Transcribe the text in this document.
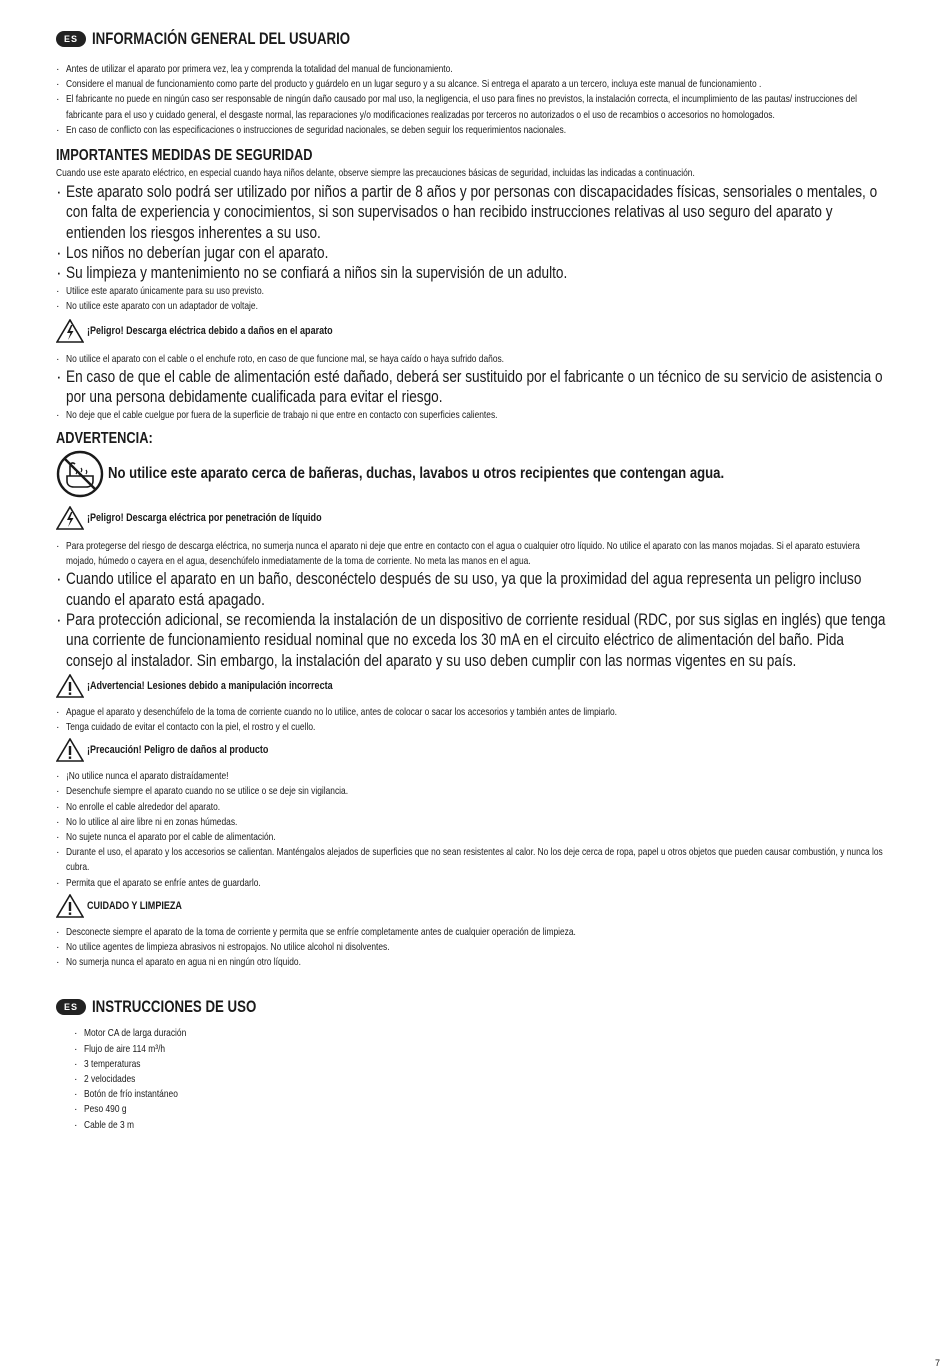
ES INFORMACIÓN GENERAL DEL USUARIO
· Antes de utilizar el aparato por primera vez, lea y comprenda la totalidad del manual de funcionamiento.
· Considere el manual de funcionamiento como parte del producto y guárdelo en un lugar seguro y a su alcance. Si entrega el aparato a un tercero, incluya este manual de funcionamiento .
· El fabricante no puede en ningún caso ser responsable de ningún daño causado por mal uso, la negligencia, el uso para fines no previstos, la instalación correcta, el incumplimiento de las pautas/ instrucciones del fabricante para el uso y cuidado general, el desgaste normal, las reparaciones y/o modificaciones realizadas por terceros no autorizados o el uso de recambios o accesorios no homologados.
· En caso de conflicto con las especificaciones o instrucciones de seguridad nacionales, se deben seguir los requerimientos nacionales.
IMPORTANTES MEDIDAS DE SEGURIDAD
Cuando use este aparato eléctrico, en especial cuando haya niños delante, observe siempre las precauciones básicas de seguridad, incluidas las indicadas a continuación.
· Este aparato solo podrá ser utilizado por niños a partir de 8 años y por personas con discapacidades físicas, sensoriales o mentales, o con falta de experiencia y conocimientos, si son supervisados o han recibido instrucciones relativas al uso seguro del aparato y entienden los riesgos inherentes a su uso.
· Los niños no deberían jugar con el aparato.
· Su limpieza y mantenimiento no se confiará a niños sin la supervisión de un adulto.
· Utilice este aparato únicamente para su uso previsto.
· No utilice este aparato con un adaptador de voltaje.
¡Peligro! Descarga eléctrica debido a daños en el aparato
· No utilice el aparato con el cable o el enchufe roto, en caso de que funcione mal, se haya caído o haya sufrido daños.
· En caso de que el cable de alimentación esté dañado, deberá ser sustituido por el fabricante o un técnico de su servicio de asistencia o por una persona debidamente cualificada para evitar el riesgo.
· No deje que el cable cuelgue por fuera de la superficie de trabajo ni que entre en contacto con superficies calientes.
ADVERTENCIA:
No utilice este aparato cerca de bañeras, duchas, lavabos u otros recipientes que contengan agua.
¡Peligro! Descarga eléctrica por penetración de líquido
· Para protegerse del riesgo de descarga eléctrica, no sumerja nunca el aparato ni deje que entre en contacto con el agua o cualquier otro líquido. No utilice el aparato con las manos mojadas. Si el aparato estuviera mojado, húmedo o cayera en el agua, desenchúfelo inmediatamente de la toma de corriente. No meta las manos en el agua.
· Cuando utilice el aparato en un baño, desconéctelo después de su uso, ya que la proximidad del agua representa un peligro incluso cuando el aparato está apagado.
· Para protección adicional, se recomienda la instalación de un dispositivo de corriente residual (RDC, por sus siglas en inglés) que tenga una corriente de funcionamiento residual nominal que no exceda los 30 mA en el circuito eléctrico de alimentación del baño. Pida consejo al instalador. Sin embargo, la instalación del aparato y su uso deben cumplir con las normas vigentes en su país.
¡Advertencia! Lesiones debido a manipulación incorrecta
· Apague el aparato y desenchúfelo de la toma de corriente cuando no lo utilice, antes de colocar o sacar los accesorios y también antes de limpiarlo.
· Tenga cuidado de evitar el contacto con la piel, el rostro y el cuello.
¡Precaución! Peligro de daños al producto
· ¡No utilice nunca el aparato distraídamente!
· Desenchufe siempre el aparato cuando no se utilice o se deje sin vigilancia.
· No enrolle el cable alrededor del aparato.
· No lo utilice al aire libre ni en zonas húmedas.
· No sujete nunca el aparato por el cable de alimentación.
· Durante el uso, el aparato y los accesorios se calientan. Manténgalos alejados de superficies que no sean resistentes al calor. No los deje cerca de ropa, papel u otros objetos que pueden causar combustión, y nunca los cubra.
· Permita que el aparato se enfríe antes de guardarlo.
CUIDADO Y LIMPIEZA
· Desconecte siempre el aparato de la toma de corriente y permita que se enfríe completamente antes de cualquier operación de limpieza.
· No utilice agentes de limpieza abrasivos ni estropajos. No utilice alcohol ni disolventes.
· No sumerja nunca el aparato en agua ni en ningún otro líquido.
ES INSTRUCCIONES DE USO
· Motor CA de larga duración
· Flujo de aire 114 m³/h
· 3 temperaturas
· 2 velocidades
· Botón de frío instantáneo
· Peso 490 g
· Cable de 3 m
7
